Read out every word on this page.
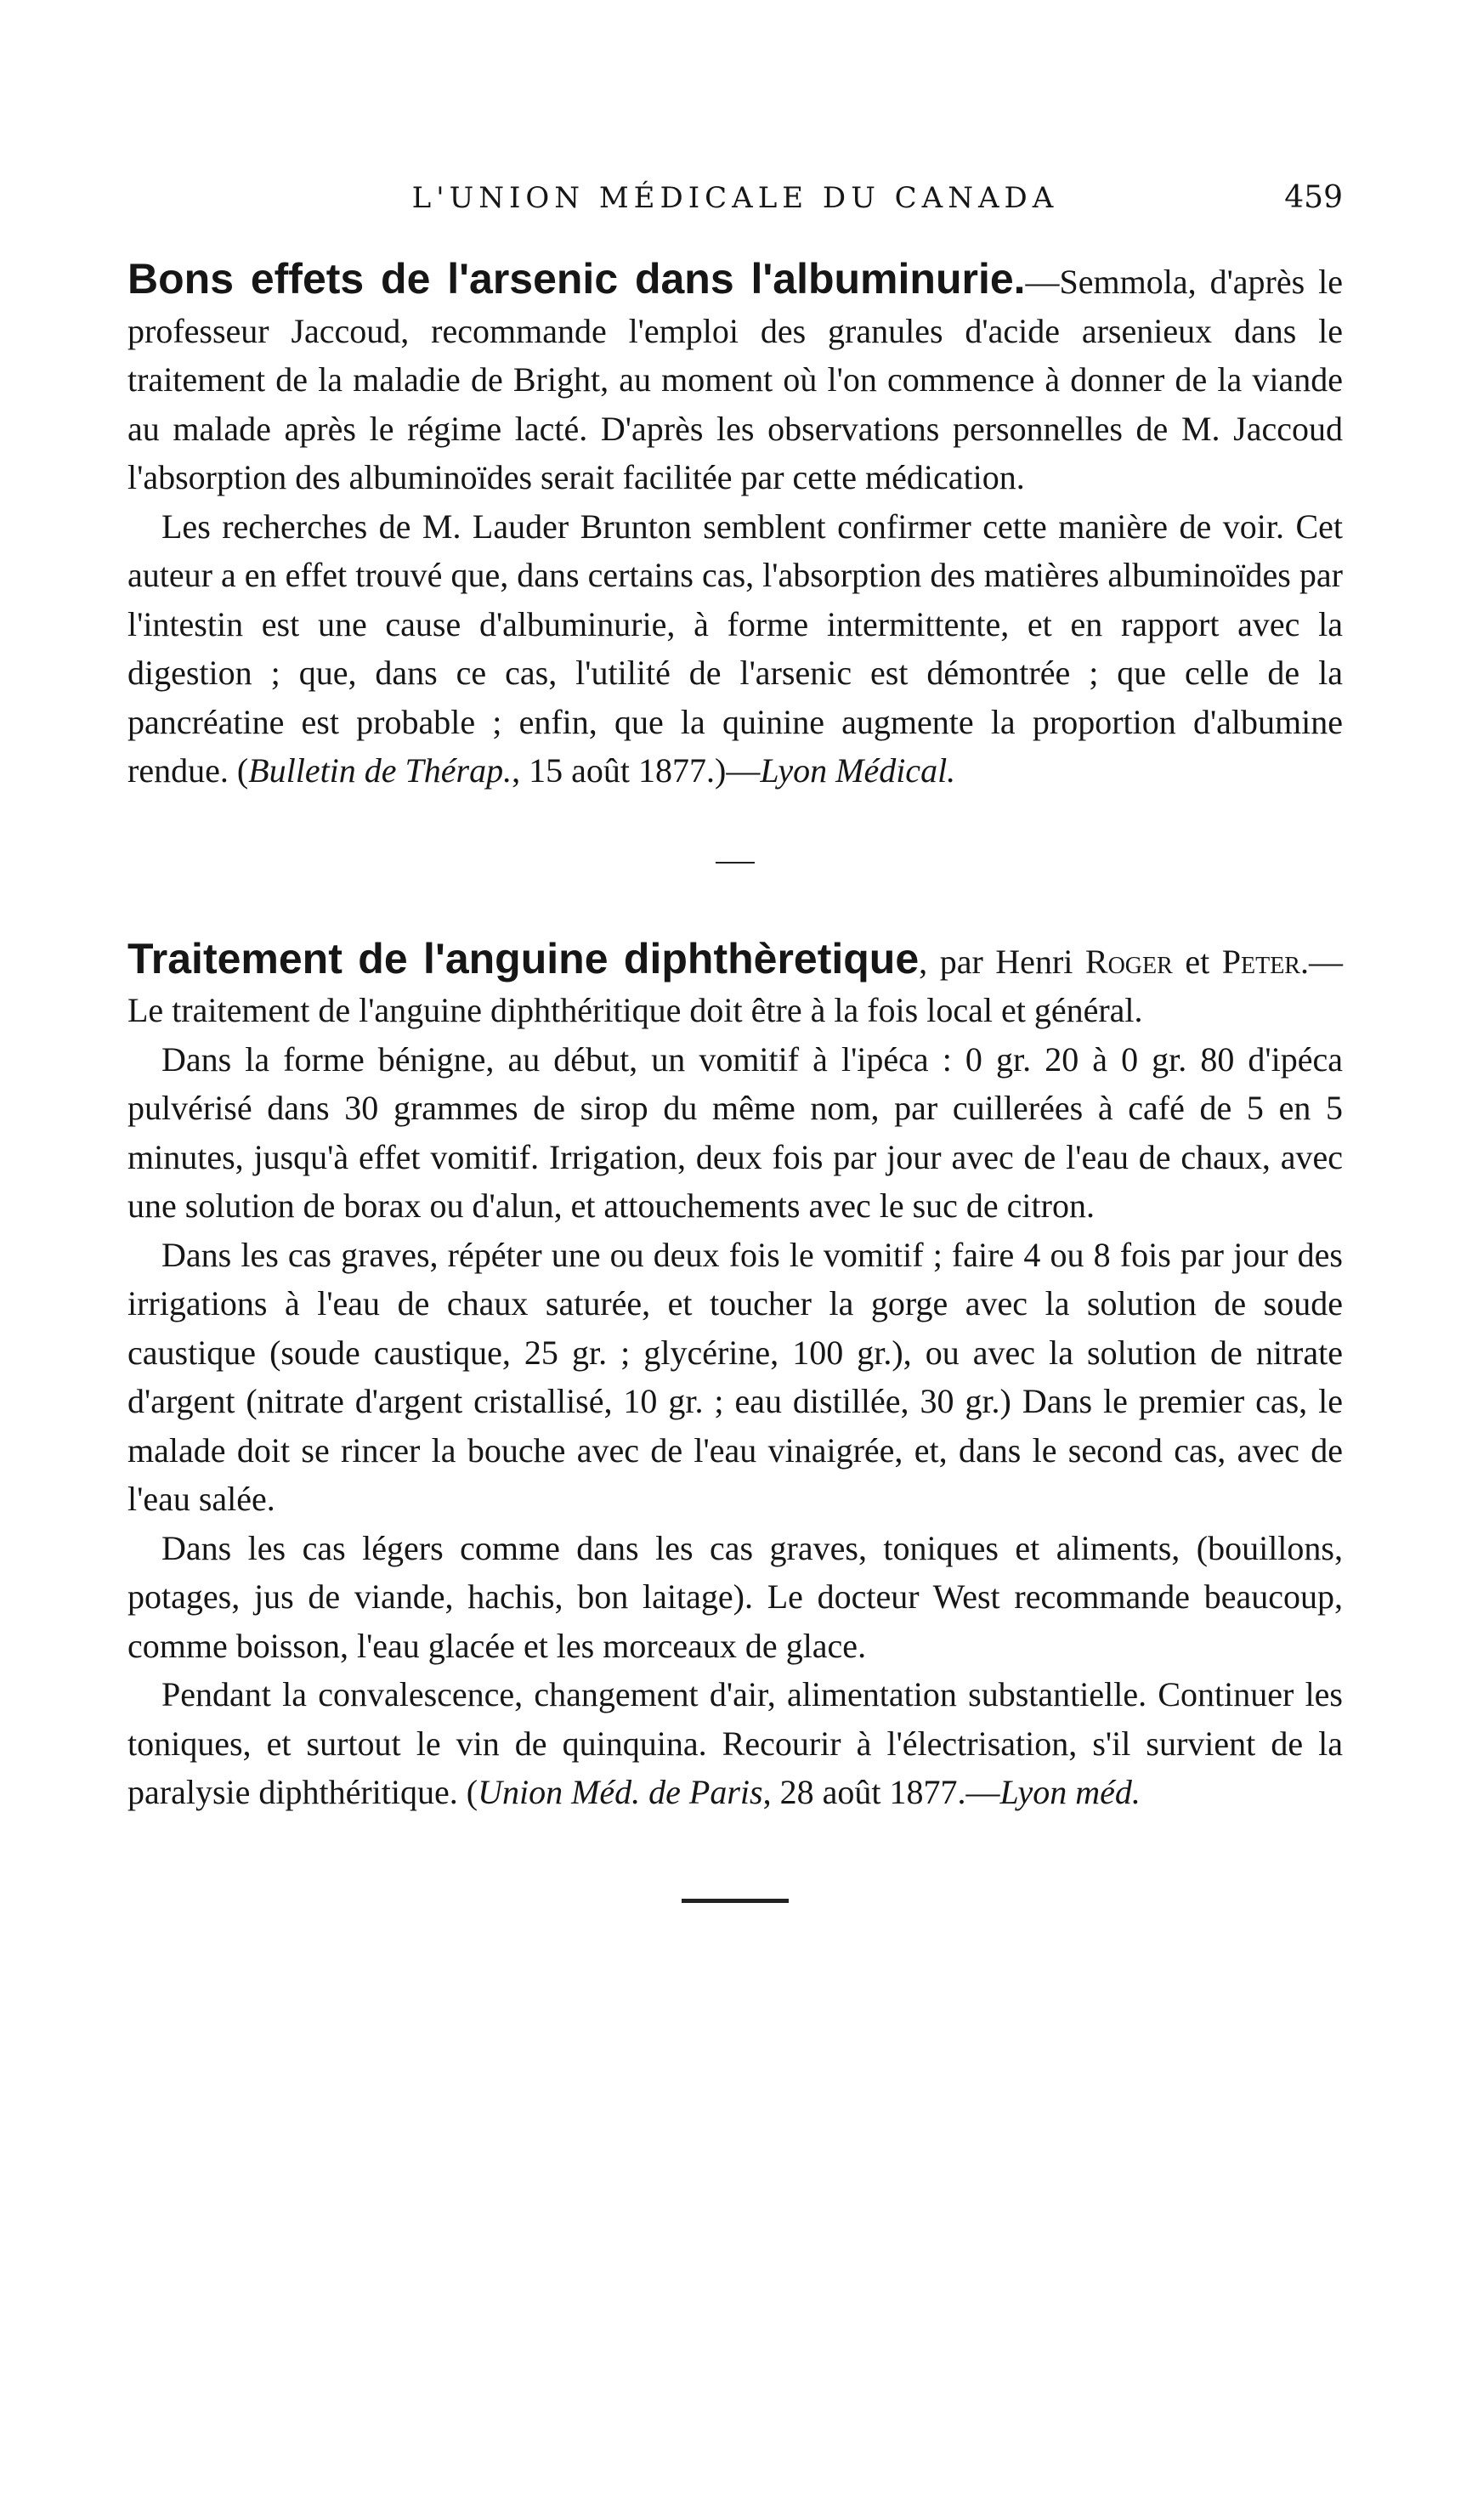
L'UNION MÉDICALE DU CANADA	459

Bons effets de l'arsenic dans l'albuminurie.—Semmola, d'après le professeur Jaccoud, recommande l'emploi des granules d'acide arsenieux dans le traitement de la maladie de Bright, au moment où l'on commence à donner de la viande au malade après le régime lacté. D'après les observations personnelles de M. Jaccoud l'absorption des albuminoïdes serait facilitée par cette médication.

Les recherches de M. Lauder Brunton semblent confirmer cette manière de voir. Cet auteur a en effet trouvé que, dans certains cas, l'absorption des matières albuminoïdes par l'intestin est une cause d'albuminurie, à forme intermittente, et en rapport avec la digestion ; que, dans ce cas, l'utilité de l'arsenic est démontrée ; que celle de la pancréatine est probable ; enfin, que la quinine augmente la proportion d'albumine rendue. (Bulletin de Thérap., 15 août 1877.)—Lyon Médical.

Traitement de l'anguine diphthèretique, par Henri Roger et Peter.—Le traitement de l'anguine diphthéritique doit être à la fois local et général.

Dans la forme bénigne, au début, un vomitif à l'ipéca : 0 gr. 20 à 0 gr. 80 d'ipéca pulvérisé dans 30 grammes de sirop du même nom, par cuillerées à café de 5 en 5 minutes, jusqu'à effet vomitif. Irrigation, deux fois par jour avec de l'eau de chaux, avec une solution de borax ou d'alun, et attouchements avec le suc de citron.

Dans les cas graves, répéter une ou deux fois le vomitif ; faire 4 ou 8 fois par jour des irrigations à l'eau de chaux saturée, et toucher la gorge avec la solution de soude caustique (soude caustique, 25 gr. ; glycérine, 100 gr.), ou avec la solution de nitrate d'argent (nitrate d'argent cristallisé, 10 gr. ; eau distillée, 30 gr.) Dans le premier cas, le malade doit se rincer la bouche avec de l'eau vinaigrée, et, dans le second cas, avec de l'eau salée.

Dans les cas légers comme dans les cas graves, toniques et aliments, (bouillons, potages, jus de viande, hachis, bon laitage). Le docteur West recommande beaucoup, comme boisson, l'eau glacée et les morceaux de glace.

Pendant la convalescence, changement d'air, alimentation substantielle. Continuer les toniques, et surtout le vin de quinquina. Recourir à l'électrisation, s'il survient de la paralysie diphthéritique. (Union Méd. de Paris, 28 août 1877.—Lyon méd.
